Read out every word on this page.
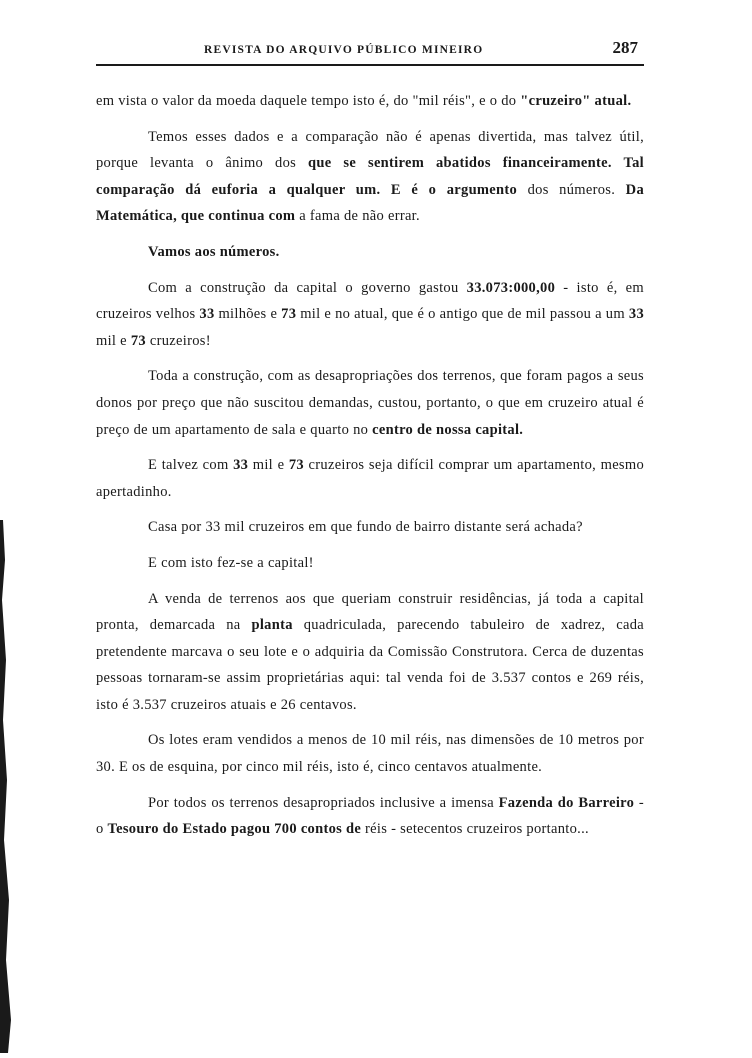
REVISTA DO ARQUIVO PÚBLICO MINEIRO	287

em vista o valor da moeda daquele tempo isto é, do "mil réis", e o do "cruzeiro" atual.

Temos esses dados e a comparação não é apenas divertida, mas talvez útil, porque levanta o ânimo dos que se sentirem abatidos financeiramente. Tal comparação dá euforia a qualquer um. E é o argumento dos números. Da Matemática, que continua com a fama de não errar.

Vamos aos números.

Com a construção da capital o governo gastou 33.073:000,00 - isto é, em cruzeiros velhos 33 milhões e 73 mil e no atual, que é o antigo que de mil passou a um 33 mil e 73 cruzeiros!

Toda a construção, com as desapropriações dos terrenos, que foram pagos a seus donos por preço que não suscitou demandas, custou, portanto, o que em cruzeiro atual é preço de um apartamento de sala e quarto no centro de nossa capital.

E talvez com 33 mil e 73 cruzeiros seja difícil comprar um apartamento, mesmo apertadinho.

Casa por 33 mil cruzeiros em que fundo de bairro distante será achada?

E com isto fez-se a capital!

A venda de terrenos aos que queriam construir residências, já toda a capital pronta, demarcada na planta quadriculada, parecendo tabuleiro de xadrez, cada pretendente marcava o seu lote e o adquiria da Comissão Construtora. Cerca de duzentas pessoas tornaram-se assim proprietárias aqui: tal venda foi de 3.537 contos e 269 réis, isto é 3.537 cruzeiros atuais e 26 centavos.

Os lotes eram vendidos a menos de 10 mil réis, nas dimensões de 10 metros por 30. E os de esquina, por cinco mil réis, isto é, cinco centavos atualmente.

Por todos os terrenos desapropriados inclusive a imensa Fazenda do Barreiro - o Tesouro do Estado pagou 700 contos de réis - setecentos cruzeiros portanto...
